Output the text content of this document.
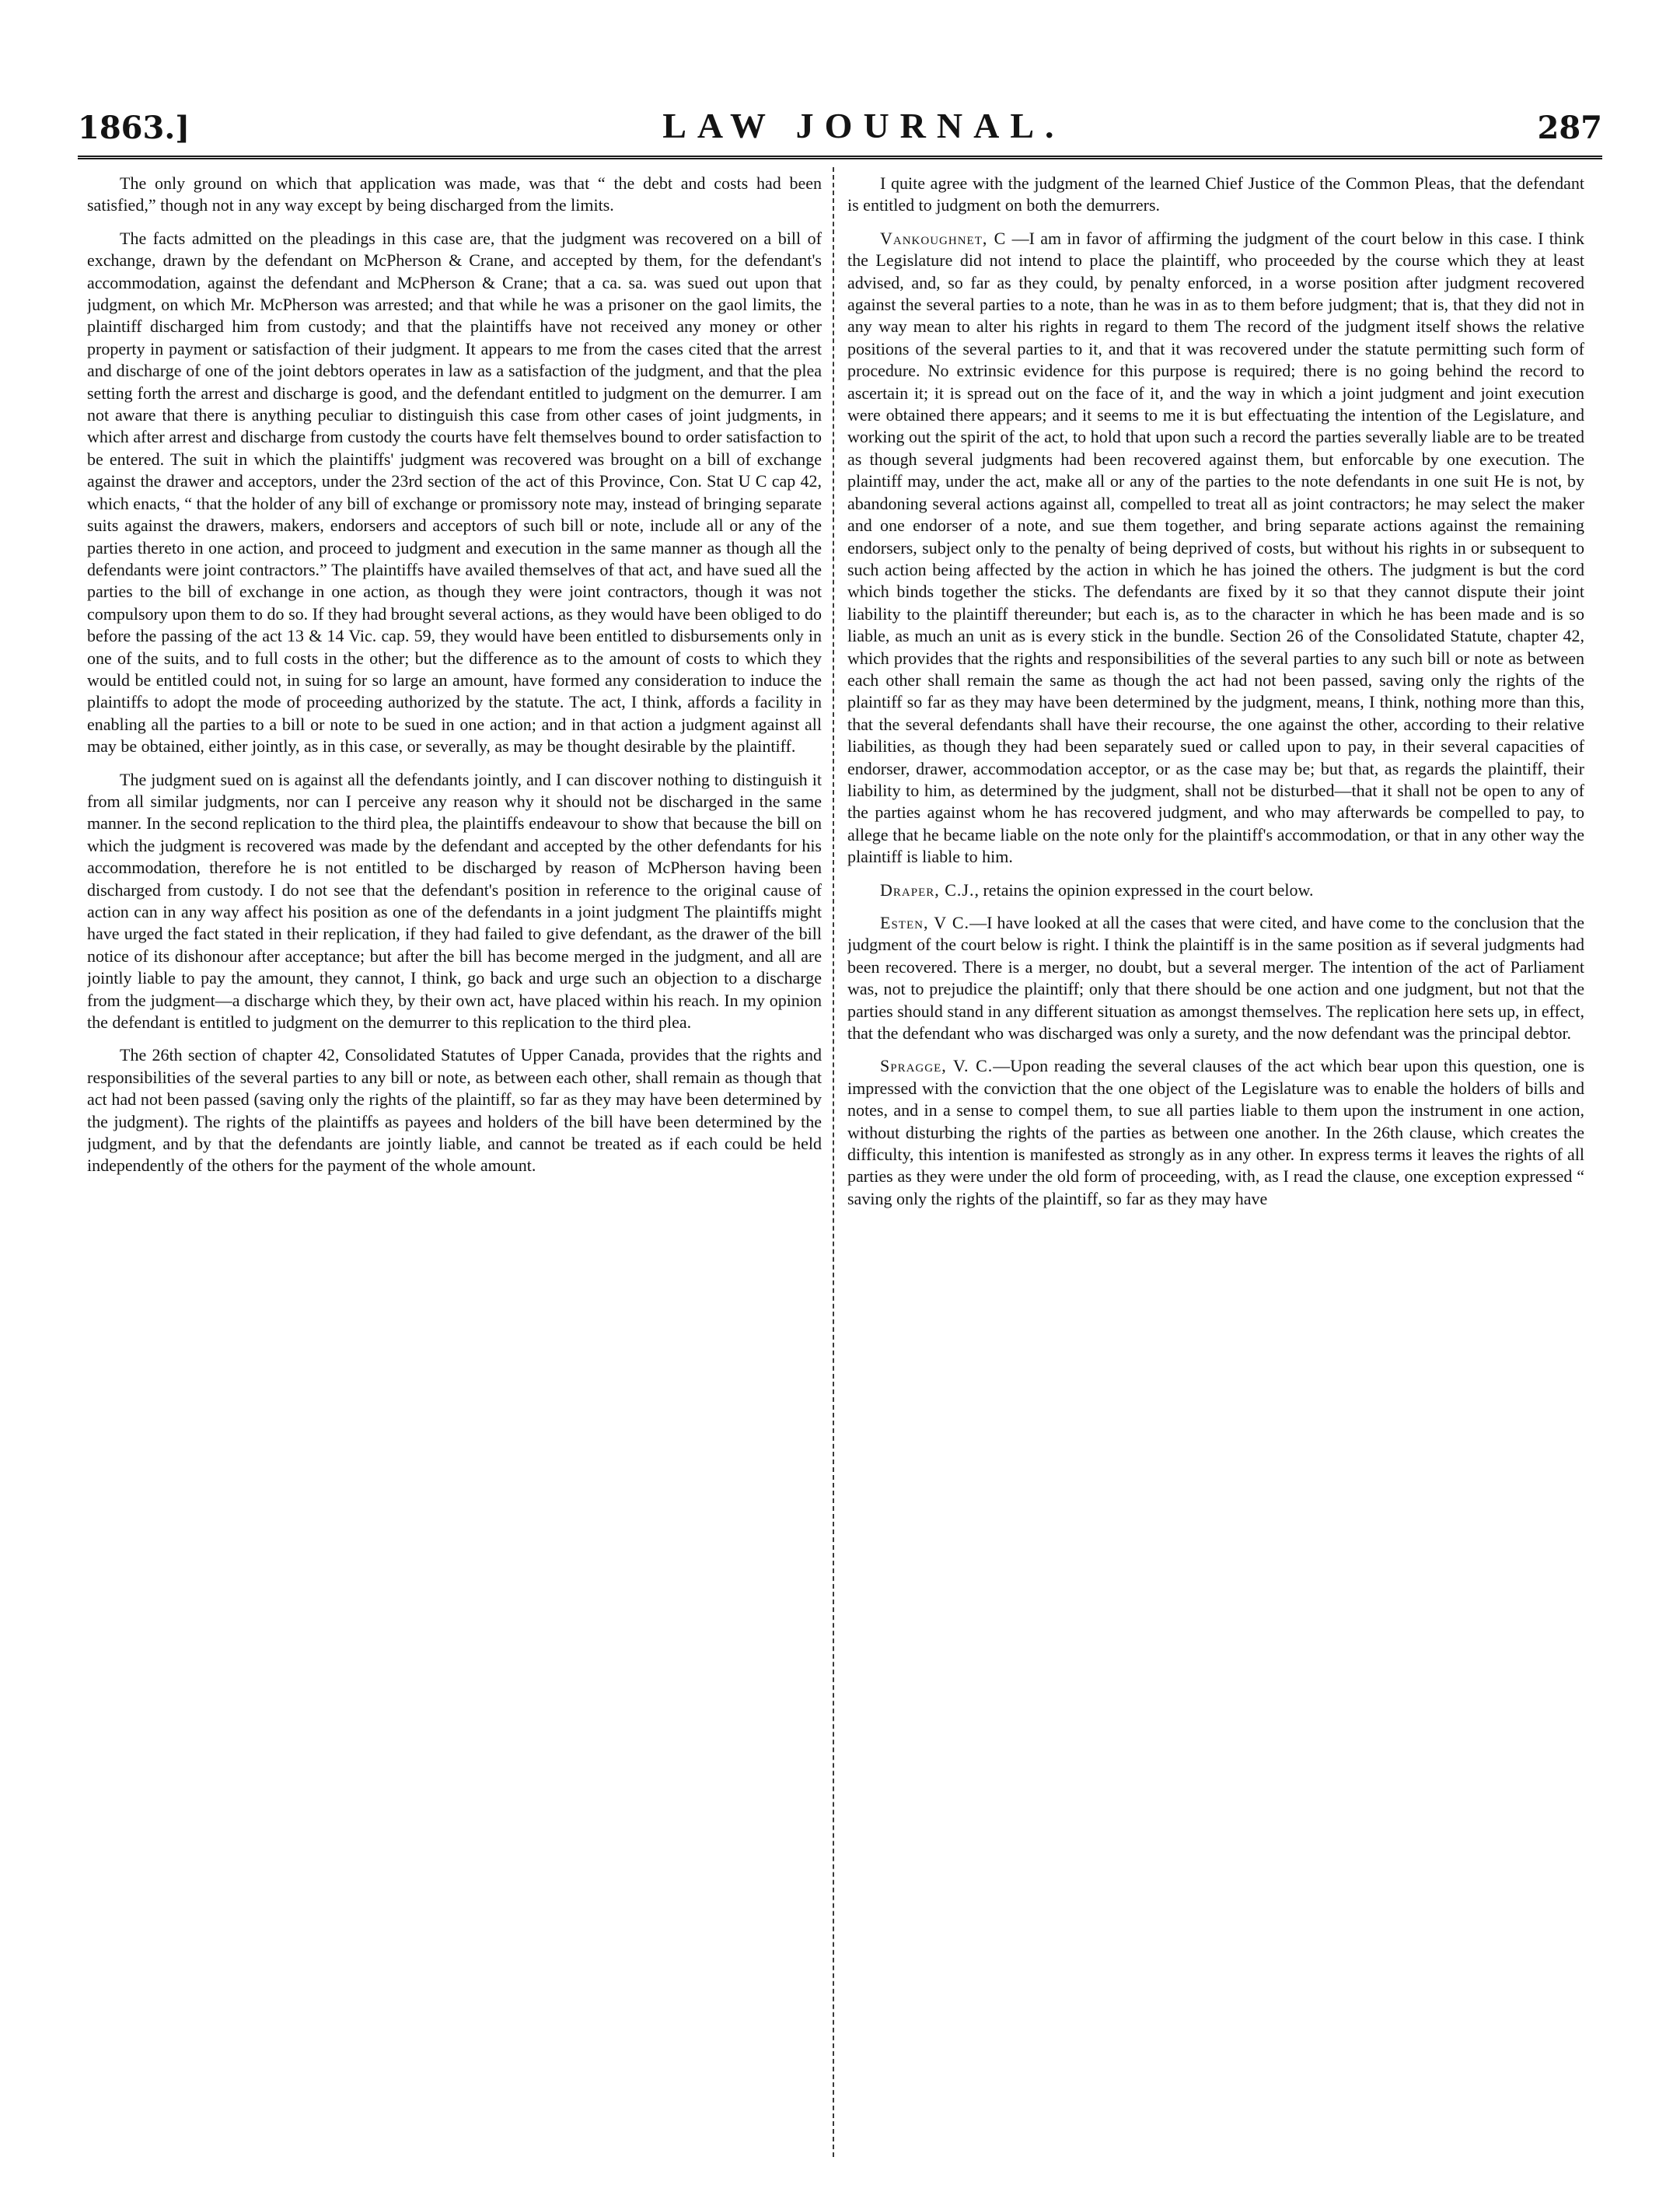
1863.]	LAW JOURNAL.	287

The only ground on which that application was made, was that “ the debt and costs had been satisfied,” though not in any way except by being discharged from the limits.

The facts admitted on the pleadings in this case are, that the judgment was recovered on a bill of exchange, drawn by the defendant on McPherson & Crane, and accepted by them, for the defendant's accommodation, against the defendant and McPherson & Crane; that a ca. sa. was sued out upon that judgment, on which Mr. McPherson was arrested; and that while he was a prisoner on the gaol limits, the plaintiff discharged him from custody; and that the plaintiffs have not received any money or other property in payment or satisfaction of their judgment. It appears to me from the cases cited that the arrest and discharge of one of the joint debtors operates in law as a satisfaction of the judgment, and that the plea setting forth the arrest and discharge is good, and the defendant entitled to judgment on the demurrer. I am not aware that there is anything peculiar to distinguish this case from other cases of joint judgments, in which after arrest and discharge from custody the courts have felt themselves bound to order satisfaction to be entered. The suit in which the plaintiffs' judgment was recovered was brought on a bill of exchange against the drawer and acceptors, under the 23rd section of the act of this Province, Con. Stat U C cap 42, which enacts, “ that the holder of any bill of exchange or promissory note may, instead of bringing separate suits against the drawers, makers, endorsers and acceptors of such bill or note, include all or any of the parties thereto in one action, and proceed to judgment and execution in the same manner as though all the defendants were joint contractors.” The plaintiffs have availed themselves of that act, and have sued all the parties to the bill of exchange in one action, as though they were joint contractors, though it was not compulsory upon them to do so. If they had brought several actions, as they would have been obliged to do before the passing of the act 13 & 14 Vic. cap. 59, they would have been entitled to disbursements only in one of the suits, and to full costs in the other; but the difference as to the amount of costs to which they would be entitled could not, in suing for so large an amount, have formed any consideration to induce the plaintiffs to adopt the mode of proceeding authorized by the statute. The act, I think, affords a facility in enabling all the parties to a bill or note to be sued in one action; and in that action a judgment against all may be obtained, either jointly, as in this case, or severally, as may be thought desirable by the plaintiff.

The judgment sued on is against all the defendants jointly, and I can discover nothing to distinguish it from all similar judgments, nor can I perceive any reason why it should not be discharged in the same manner. In the second replication to the third plea, the plaintiffs endeavour to show that because the bill on which the judgment is recovered was made by the defendant and accepted by the other defendants for his accommodation, therefore he is not entitled to be discharged by reason of McPherson having been discharged from custody. I do not see that the defendant's position in reference to the original cause of action can in any way affect his position as one of the defendants in a joint judgment The plaintiffs might have urged the fact stated in their replication, if they had failed to give defendant, as the drawer of the bill notice of its dishonour after acceptance; but after the bill has become merged in the judgment, and all are jointly liable to pay the amount, they cannot, I think, go back and urge such an objection to a discharge from the judgment—a discharge which they, by their own act, have placed within his reach. In my opinion the defendant is entitled to judgment on the demurrer to this replication to the third plea.

The 26th section of chapter 42, Consolidated Statutes of Upper Canada, provides that the rights and responsibilities of the several parties to any bill or note, as between each other, shall remain as though that act had not been passed (saving only the rights of the plaintiff, so far as they may have been determined by the judgment). The rights of the plaintiffs as payees and holders of the bill have been determined by the judgment, and by that the defendants are jointly liable, and cannot be treated as if each could be held independently of the others for the payment of the whole amount.

I quite agree with the judgment of the learned Chief Justice of the Common Pleas, that the defendant is entitled to judgment on both the demurrers.

Vankoughnet, C —I am in favor of affirming the judgment of the court below in this case. I think the Legislature did not intend to place the plaintiff, who proceeded by the course which they at least advised, and, so far as they could, by penalty enforced, in a worse position after judgment recovered against the several parties to a note, than he was in as to them before judgment; that is, that they did not in any way mean to alter his rights in regard to them The record of the judgment itself shows the relative positions of the several parties to it, and that it was recovered under the statute permitting such form of procedure. No extrinsic evidence for this purpose is required; there is no going behind the record to ascertain it; it is spread out on the face of it, and the way in which a joint judgment and joint execution were obtained there appears; and it seems to me it is but effectuating the intention of the Legislature, and working out the spirit of the act, to hold that upon such a record the parties severally liable are to be treated as though several judgments had been recovered against them, but enforcable by one execution. The plaintiff may, under the act, make all or any of the parties to the note defendants in one suit He is not, by abandoning several actions against all, compelled to treat all as joint contractors; he may select the maker and one endorser of a note, and sue them together, and bring separate actions against the remaining endorsers, subject only to the penalty of being deprived of costs, but without his rights in or subsequent to such action being affected by the action in which he has joined the others. The judgment is but the cord which binds together the sticks. The defendants are fixed by it so that they cannot dispute their joint liability to the plaintiff thereunder; but each is, as to the character in which he has been made and is so liable, as much an unit as is every stick in the bundle. Section 26 of the Consolidated Statute, chapter 42, which provides that the rights and responsibilities of the several parties to any such bill or note as between each other shall remain the same as though the act had not been passed, saving only the rights of the plaintiff so far as they may have been determined by the judgment, means, I think, nothing more than this, that the several defendants shall have their recourse, the one against the other, according to their relative liabilities, as though they had been separately sued or called upon to pay, in their several capacities of endorser, drawer, accommodation acceptor, or as the case may be; but that, as regards the plaintiff, their liability to him, as determined by the judgment, shall not be disturbed—that it shall not be open to any of the parties against whom he has recovered judgment, and who may afterwards be compelled to pay, to allege that he became liable on the note only for the plaintiff's accommodation, or that in any other way the plaintiff is liable to him.

Draper, C.J., retains the opinion expressed in the court below.

Esten, V C.—I have looked at all the cases that were cited, and have come to the conclusion that the judgment of the court below is right. I think the plaintiff is in the same position as if several judgments had been recovered. There is a merger, no doubt, but a several merger. The intention of the act of Parliament was, not to prejudice the plaintiff; only that there should be one action and one judgment, but not that the parties should stand in any different situation as amongst themselves. The replication here sets up, in effect, that the defendant who was discharged was only a surety, and the now defendant was the principal debtor.

Spragge, V. C.—Upon reading the several clauses of the act which bear upon this question, one is impressed with the conviction that the one object of the Legislature was to enable the holders of bills and notes, and in a sense to compel them, to sue all parties liable to them upon the instrument in one action, without disturbing the rights of the parties as between one another. In the 26th clause, which creates the difficulty, this intention is manifested as strongly as in any other. In express terms it leaves the rights of all parties as they were under the old form of proceeding, with, as I read the clause, one exception expressed “ saving only the rights of the plaintiff, so far as they may have
